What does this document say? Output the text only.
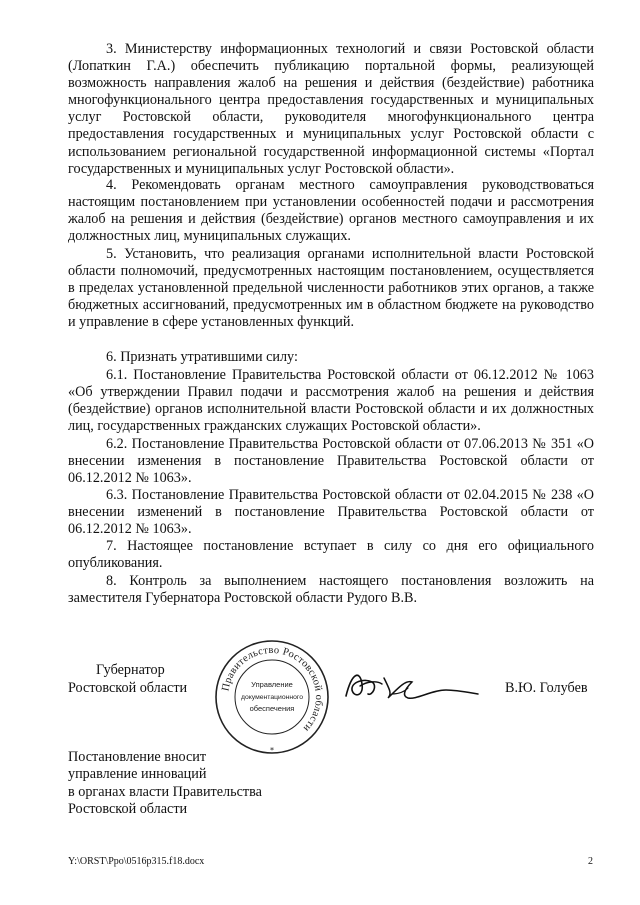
3. Министерству информационных технологий и связи Ростовской области (Лопаткин Г.А.) обеспечить публикацию портальной формы, реализующей возможность направления жалоб на решения и действия (бездействие) работника многофункционального центра предоставления государственных и муниципальных услуг Ростовской области, руководителя многофункционального центра предоставления государственных и муниципальных услуг Ростовской области с использованием региональной государственной информационной системы «Портал государственных и муниципальных услуг Ростовской области».

4. Рекомендовать органам местного самоуправления руководствоваться настоящим постановлением при установлении особенностей подачи и рассмотрения жалоб на решения и действия (бездействие) органов местного самоуправления и их должностных лиц, муниципальных служащих.

5. Установить, что реализация органами исполнительной власти Ростовской области полномочий, предусмотренных настоящим постановлением, осуществляется в пределах установленной предельной численности работников этих органов, а также бюджетных ассигнований, предусмотренных им в областном бюджете на руководство и управление в сфере установленных функций.

6. Признать утратившими силу:

6.1. Постановление Правительства Ростовской области от 06.12.2012 № 1063 «Об утверждении Правил подачи и рассмотрения жалоб на решения и действия (бездействие) органов исполнительной власти Ростовской области и их должностных лиц, государственных гражданских служащих Ростовской области».

6.2. Постановление Правительства Ростовской области от 07.06.2013 № 351 «О внесении изменения в постановление Правительства Ростовской области от 06.12.2012 № 1063».

6.3. Постановление Правительства Ростовской области от 02.04.2015 № 238 «О внесении изменений в постановление Правительства Ростовской области от 06.12.2012 № 1063».

7. Настоящее постановление вступает в силу со дня его официального опубликования.

8. Контроль за выполнением настоящего постановления возложить на заместителя Губернатора Ростовской области Рудого В.В.

Губернатор
Ростовской области	Правительство Ростовской области
*
Управление
документационного
обеспечения
В.Ю. Голубев
Постановление вносит
управление инноваций
в органах власти Правительства
Ростовской области
Y:\ORST\Ppo\0516p315.f18.docx	2
